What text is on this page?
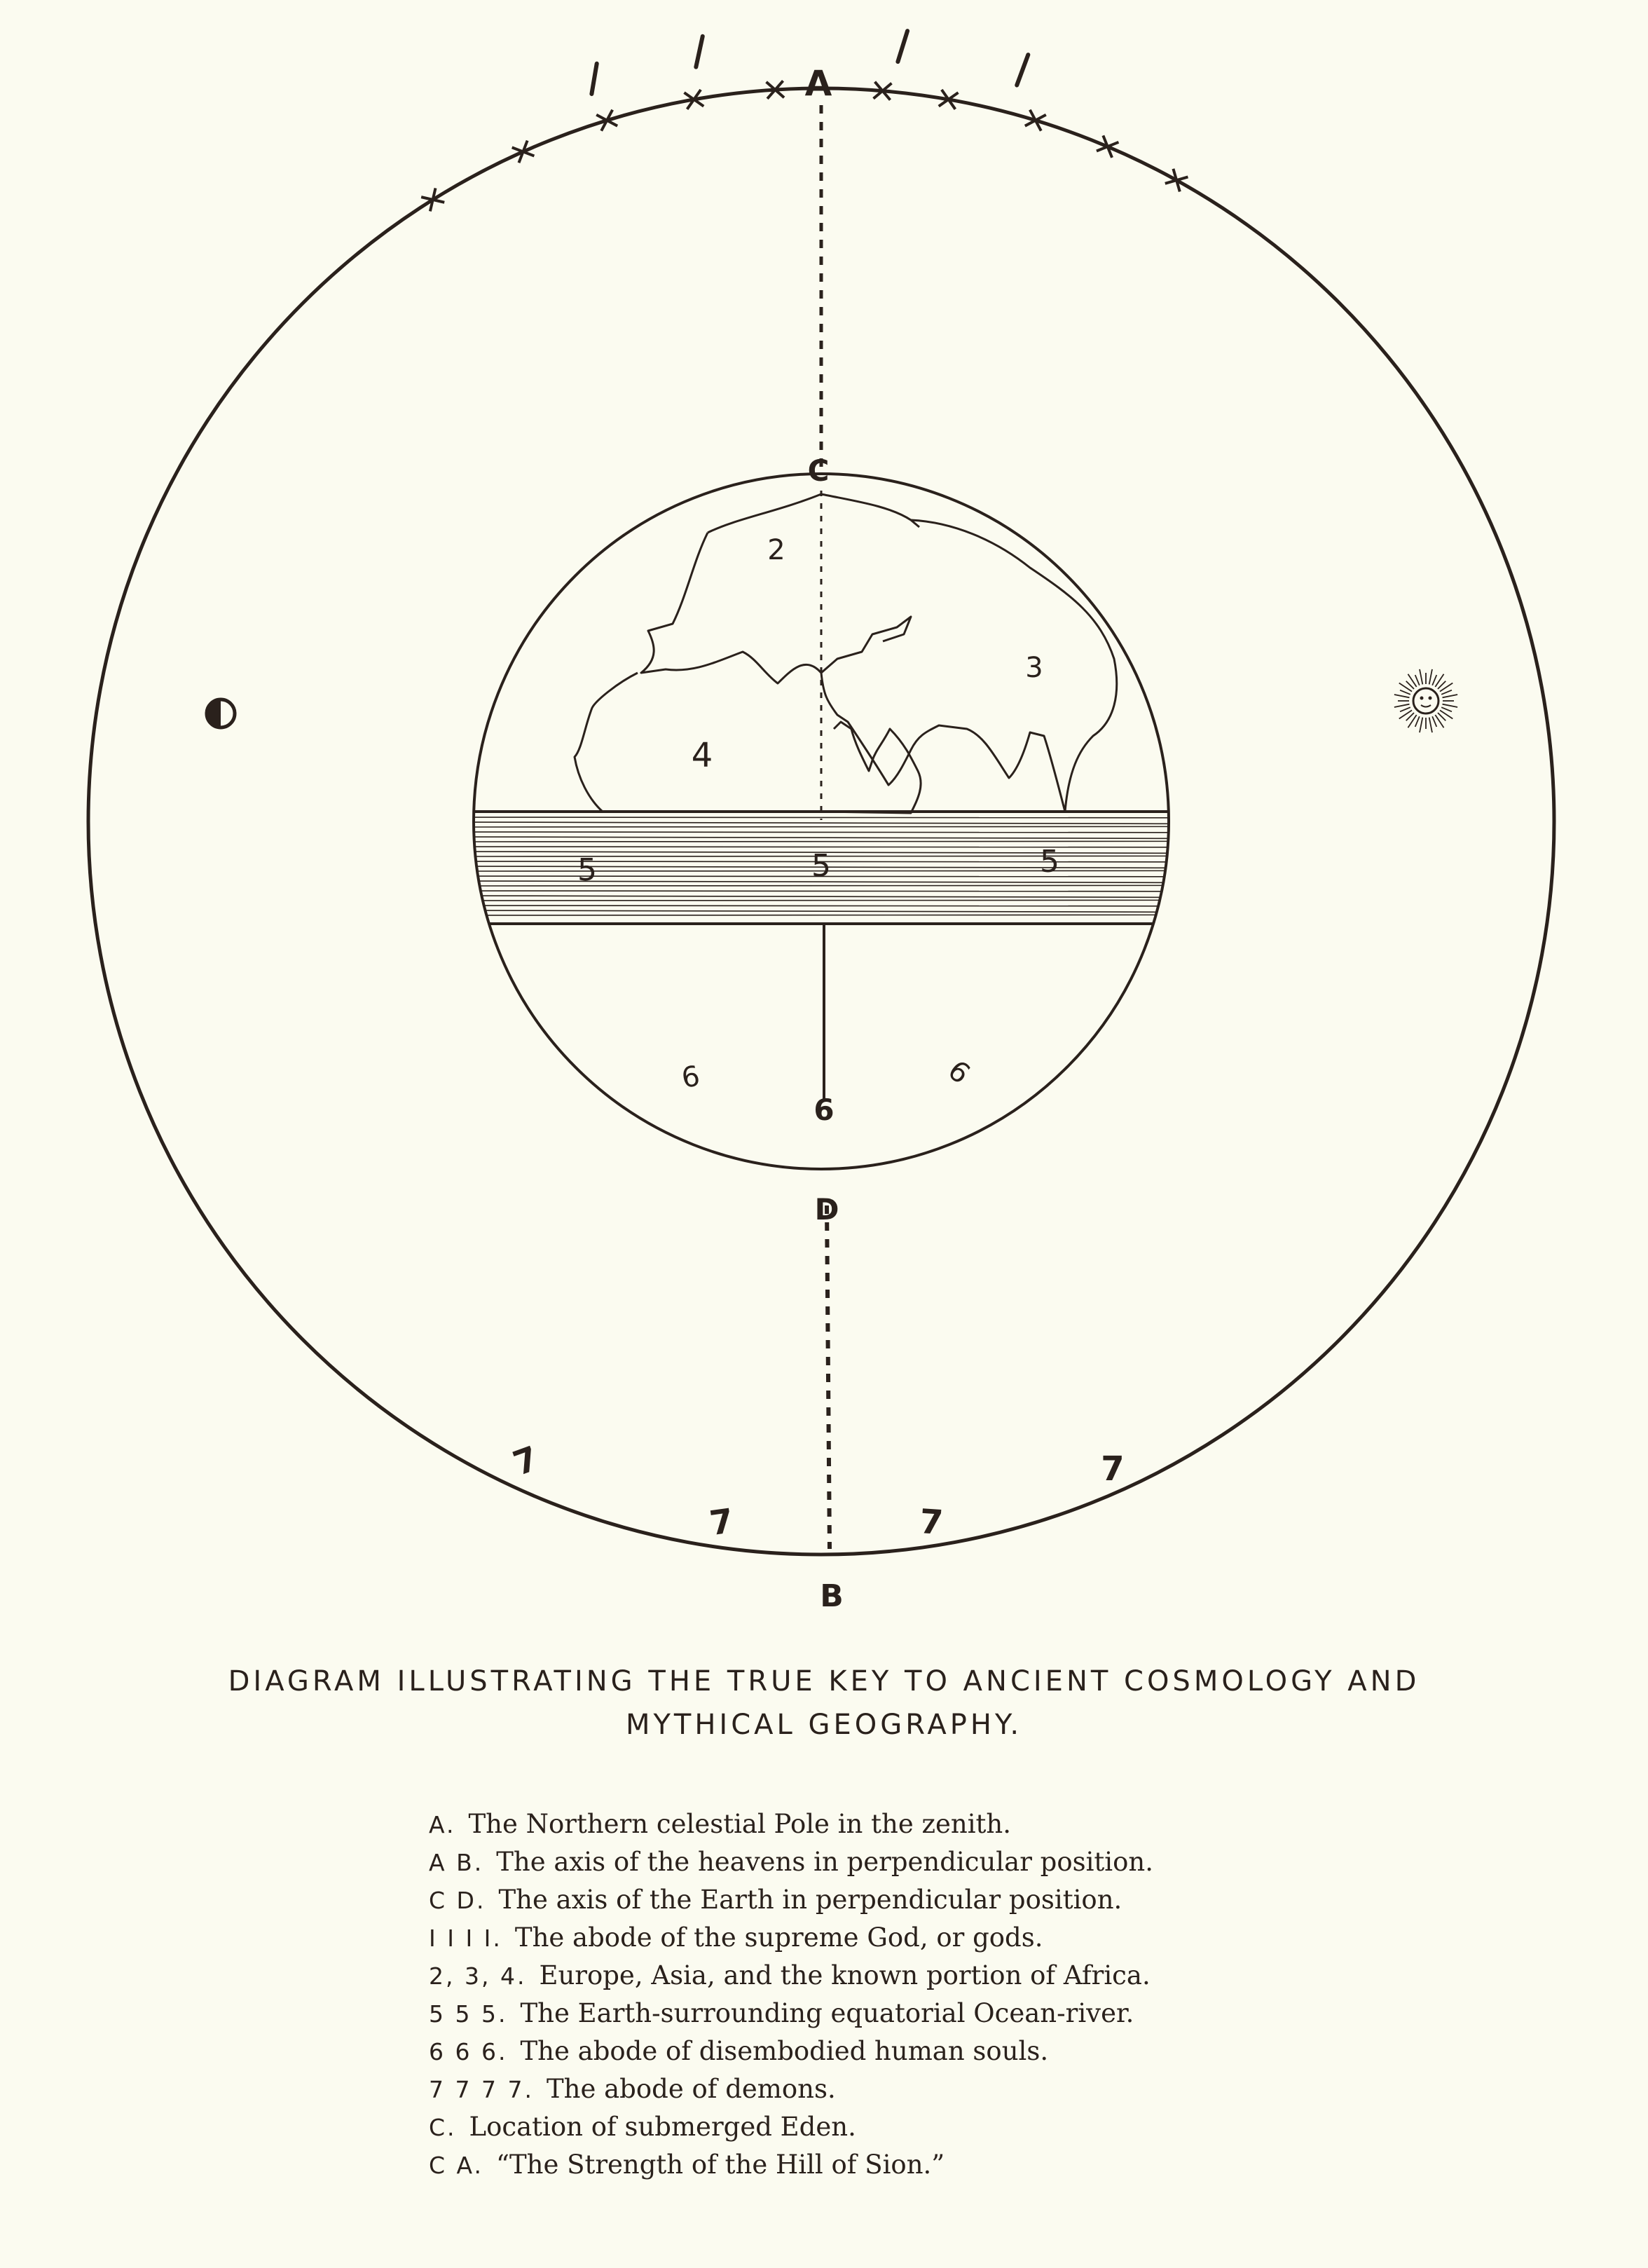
A
C
D
B
2
3
4
5	5	5
6
6
6
7
7	7
7
DIAGRAM ILLUSTRATING THE TRUE KEY TO ANCIENT COSMOLOGY AND
MYTHICAL GEOGRAPHY.
A. The Northern celestial Pole in the zenith.
A B. The axis of the heavens in perpendicular position.
C D. The axis of the Earth in perpendicular position.
I I I I. The abode of the supreme God, or gods.
2, 3, 4. Europe, Asia, and the known portion of Africa.
5 5 5. The Earth-surrounding equatorial Ocean-river.
6 6 6. The abode of disembodied human souls.
7 7 7 7. The abode of demons.
C. Location of submerged Eden.
C A. “The Strength of the Hill of Sion.”
